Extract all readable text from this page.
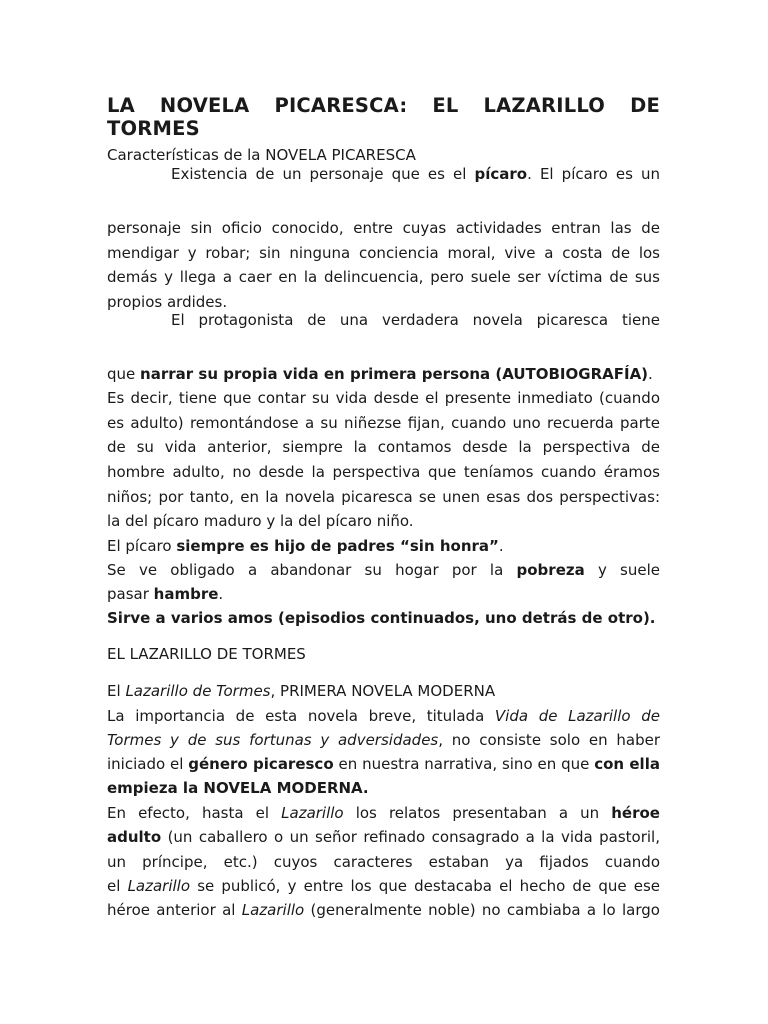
LA NOVELA PICARESCA: EL LAZARILLO DE
TORMES
Características de la NOVELA PICARESCA
Existencia de un personaje que es el pícaro. El pícaro es un
personaje sin oficio conocido, entre cuyas actividades entran las de
mendigar y robar; sin ninguna conciencia moral, vive a costa de los
demás y llega a caer en la delincuencia, pero suele ser víctima de sus
propios ardides.
El protagonista de una verdadera novela picaresca tiene
que narrar su propia vida en primera persona (AUTOBIOGRAFÍA).
Es decir, tiene que contar su vida desde el presente inmediato (cuando
es adulto) remontándose a su niñezse fijan, cuando uno recuerda parte
de su vida anterior, siempre la contamos desde la perspectiva de
hombre adulto, no desde la perspectiva que teníamos cuando éramos
niños; por tanto, en la novela picaresca se unen esas dos perspectivas:
la del pícaro maduro y la del pícaro niño.
El pícaro siempre es hijo de padres “sin honra”.
Se ve obligado a abandonar su hogar por la pobreza y suele
pasar hambre.
Sirve a varios amos (episodios continuados, uno detrás de otro).
EL LAZARILLO DE TORMES
El Lazarillo de Tormes, PRIMERA NOVELA MODERNA
La importancia de esta novela breve, titulada Vida de Lazarillo de
Tormes y de sus fortunas y adversidades, no consiste solo en haber
iniciado el género picaresco en nuestra narrativa, sino en que con ella
empieza la NOVELA MODERNA.
En efecto, hasta el Lazarillo los relatos presentaban a un héroe
adulto (un caballero o un señor refinado consagrado a la vida pastoril,
un príncipe, etc.) cuyos caracteres estaban ya fijados cuando
el Lazarillo se publicó, y entre los que destacaba el hecho de que ese
héroe anterior al Lazarillo (generalmente noble) no cambiaba a lo largo
